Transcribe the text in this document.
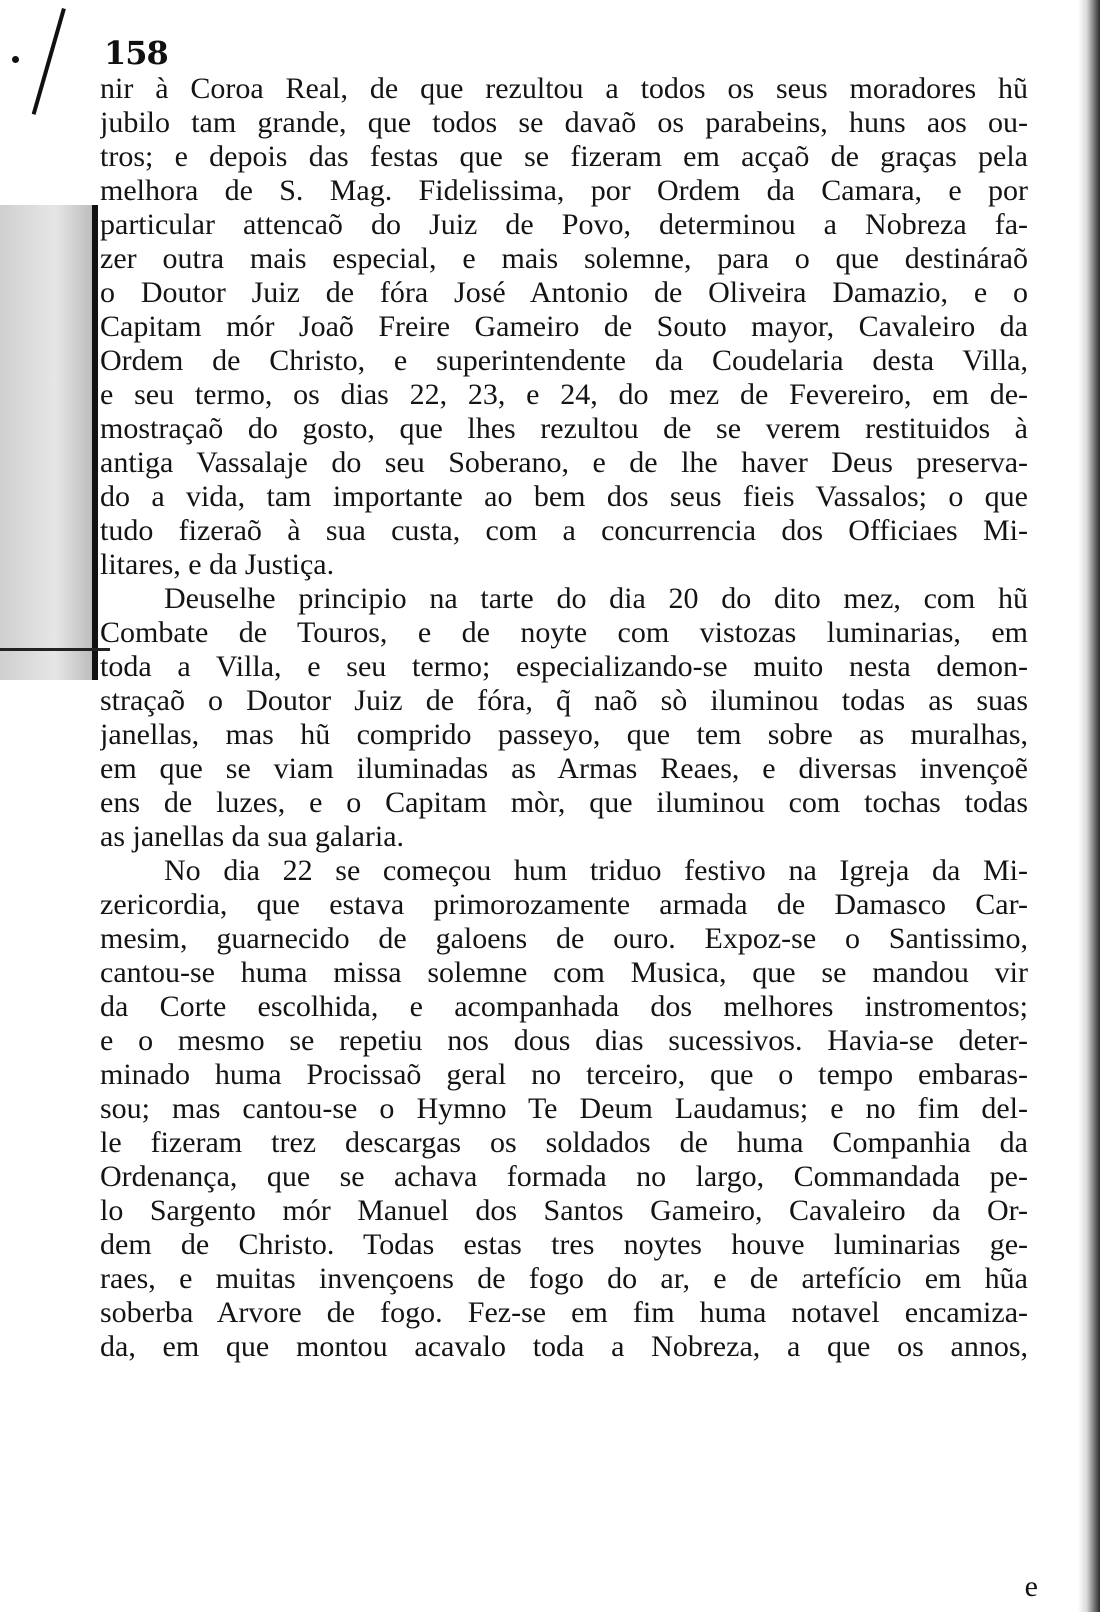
158
nir à Coroa Real, de que rezultou a todos os seus moradores hũ
jubilo tam grande, que todos se davaõ os parabeins, huns aos ou-
tros; e depois das festas que se fizeram em acçaõ de graças pela
melhora de S. Mag. Fidelissima, por Ordem da Camara, e por
particular attencaõ do Juiz de Povo, determinou a Nobreza fa-
zer outra mais especial, e mais solemne, para o que destináraõ
o Doutor Juiz de fóra José Antonio de Oliveira Damazio, e o
Capitam mór Joaõ Freire Gameiro de Souto mayor, Cavaleiro da
Ordem de Christo, e superintendente da Coudelaria desta Villa,
e seu termo, os dias 22, 23, e 24, do mez de Fevereiro, em de-
mostraçaõ do gosto, que lhes rezultou de se verem restituidos à
antiga Vassalaje do seu Soberano, e de lhe haver Deus preserva-
do a vida, tam importante ao bem dos seus fieis Vassalos; o que
tudo fizeraõ à sua custa, com a concurrencia dos Officiaes Mi-
litares, e da Justiça.
Deuselhe principio na tarte do dia 20 do dito mez, com hũ
Combate de Touros, e de noyte com vistozas luminarias, em
toda a Villa, e seu termo; especializando-se muito nesta demon-
straçaõ o Doutor Juiz de fóra, q̃ naõ sò iluminou todas as suas
janellas, mas hũ comprido passeyo, que tem sobre as muralhas,
em que se viam iluminadas as Armas Reaes, e diversas invençoẽ
ens de luzes, e o Capitam mòr, que iluminou com tochas todas
as janellas da sua galaria.
No dia 22 se começou hum triduo festivo na Igreja da Mi-
zericordia, que estava primorozamente armada de Damasco Car-
mesim, guarnecido de galoens de ouro. Expoz-se o Santissimo,
cantou-se huma missa solemne com Musica, que se mandou vir
da Corte escolhida, e acompanhada dos melhores instromentos;
e o mesmo se repetiu nos dous dias sucessivos. Havia-se deter-
minado huma Procissaõ geral no terceiro, que o tempo embaras-
sou; mas cantou-se o Hymno Te Deum Laudamus; e no fim del-
le fizeram trez descargas os soldados de huma Companhia da
Ordenança, que se achava formada no largo, Commandada pe-
lo Sargento mór Manuel dos Santos Gameiro, Cavaleiro da Or-
dem de Christo. Todas estas tres noytes houve luminarias ge-
raes, e muitas invençoens de fogo do ar, e de artefício em hũa
soberba Arvore de fogo. Fez-se em fim huma notavel encamiza-
da, em que montou acavalo toda a Nobreza, a que os annos,
e
